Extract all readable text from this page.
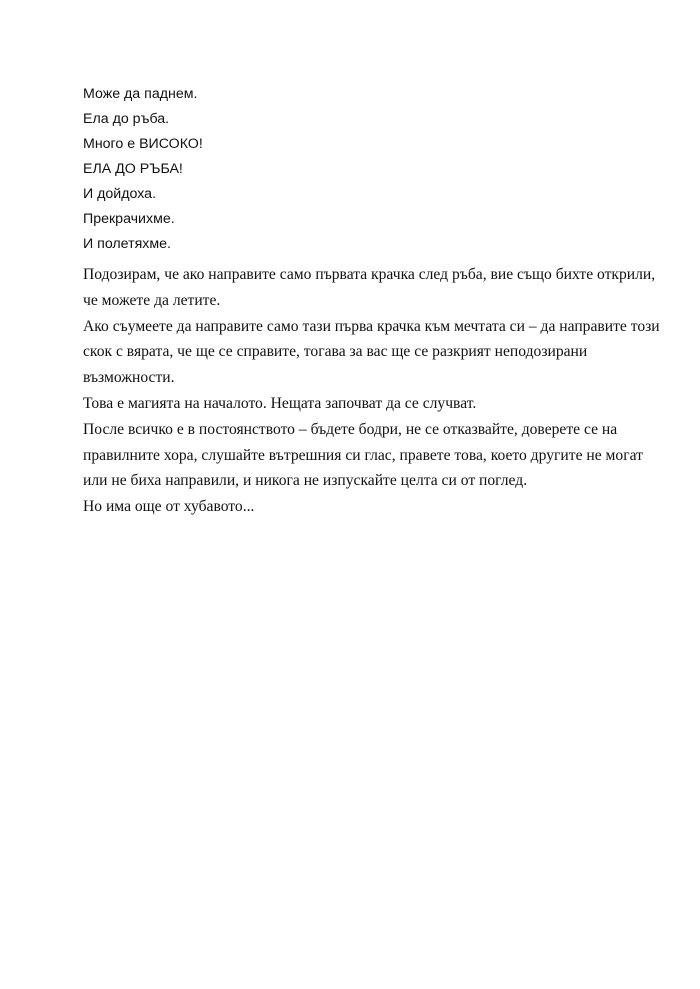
Може да паднем.
Ела до ръба.
Много е ВИСОКО!
ЕЛА ДО РЪБА!
И дойдоха.
Прекрачихме.
И полетяхме.

Подозирам, че ако направите само първата крачка след ръба, вие също бихте открили, че можете да летите.

Ако съумеете да направите само тази първа крачка към мечтата си – да направите този скок с вярата, че ще се справите, тогава за вас ще се разкрият неподозирани възможности.

Това е магията на началото. Нещата започват да се случват.

После всичко е в постоянството – бъдете бодри, не се отказвайте, доверете се на правилните хора, слушайте вътрешния си глас, правете това, което другите не могат или не биха направили, и никога не изпускайте целта си от поглед.

Но има още от хубавото...
